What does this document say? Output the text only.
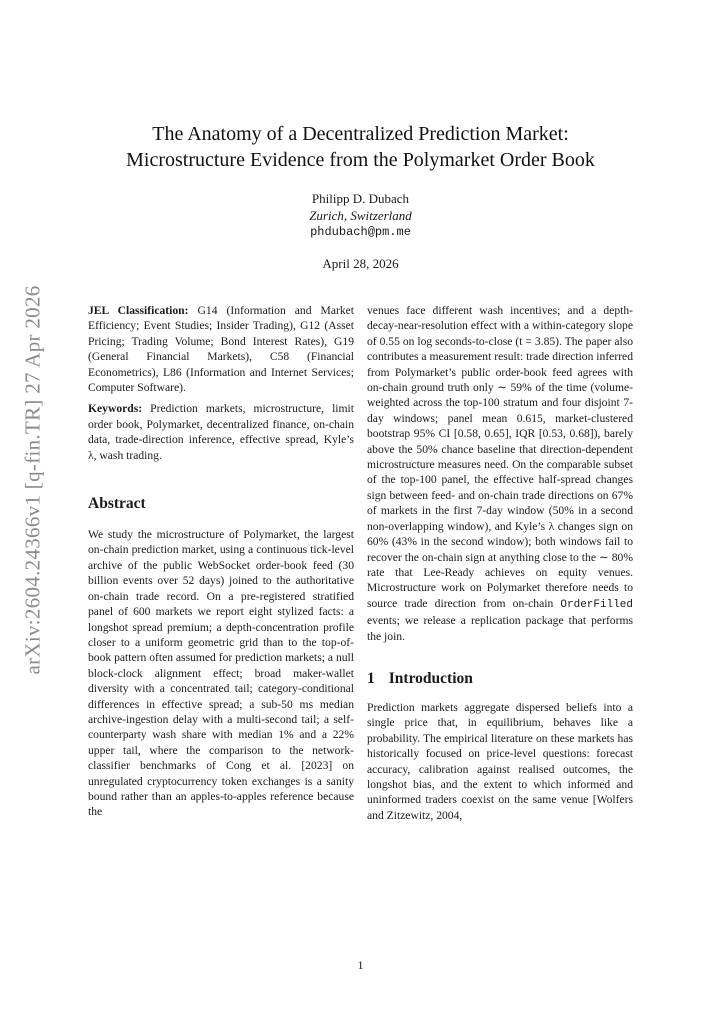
arXiv:2604.24366v1 [q-fin.TR] 27 Apr 2026
The Anatomy of a Decentralized Prediction Market:
Microstructure Evidence from the Polymarket Order Book
Philipp D. Dubach
Zurich, Switzerland
phdubach@pm.me
April 28, 2026

JEL Classification: G14 (Information and Market Efficiency; Event Studies; Insider Trading), G12 (Asset Pricing; Trading Volume; Bond Interest Rates), G19 (General Financial Markets), C58 (Financial Econometrics), L86 (Information and Internet Services; Computer Software).

Keywords: Prediction markets, microstructure, limit order book, Polymarket, decentralized finance, on-chain data, trade-direction inference, effective spread, Kyle’s λ, wash trading.

Abstract

We study the microstructure of Polymarket, the largest on-chain prediction market, using a continuous tick-level archive of the public WebSocket order-book feed (30 billion events over 52 days) joined to the authoritative on-chain trade record. On a pre-registered stratified panel of 600 markets we report eight stylized facts: a longshot spread premium; a depth-concentration profile closer to a uniform geometric grid than to the top-of-book pattern often assumed for prediction markets; a null block-clock alignment effect; broad maker-wallet diversity with a concentrated tail; category-conditional differences in effective spread; a sub-50 ms median archive-ingestion delay with a multi-second tail; a self-counterparty wash share with median 1% and a 22% upper tail, where the comparison to the network-classifier benchmarks of Cong et al. [2023] on unregulated cryptocurrency token exchanges is a sanity bound rather than an apples-to-apples reference because the

venues face different wash incentives; and a depth-decay-near-resolution effect with a within-category slope of 0.55 on log seconds-to-close (t = 3.85). The paper also contributes a measurement result: trade direction inferred from Polymarket’s public order-book feed agrees with on-chain ground truth only ∼ 59% of the time (volume-weighted across the top-100 stratum and four disjoint 7-day windows; panel mean 0.615, market-clustered bootstrap 95% CI [0.58, 0.65], IQR [0.53, 0.68]), barely above the 50% chance baseline that direction-dependent microstructure measures need. On the comparable subset of the top-100 panel, the effective half-spread changes sign between feed- and on-chain trade directions on 67% of markets in the first 7-day window (50% in a second non-overlapping window), and Kyle’s λ changes sign on 60% (43% in the second window); both windows fail to recover the on-chain sign at anything close to the ∼ 80% rate that Lee-Ready achieves on equity venues. Microstructure work on Polymarket therefore needs to source trade direction from on-chain OrderFilled events; we release a replication package that performs the join.

1 Introduction

Prediction markets aggregate dispersed beliefs into a single price that, in equilibrium, behaves like a probability. The empirical literature on these markets has historically focused on price-level questions: forecast accuracy, calibration against realised outcomes, the longshot bias, and the extent to which informed and uninformed traders coexist on the same venue [Wolfers and Zitzewitz, 2004,

1
